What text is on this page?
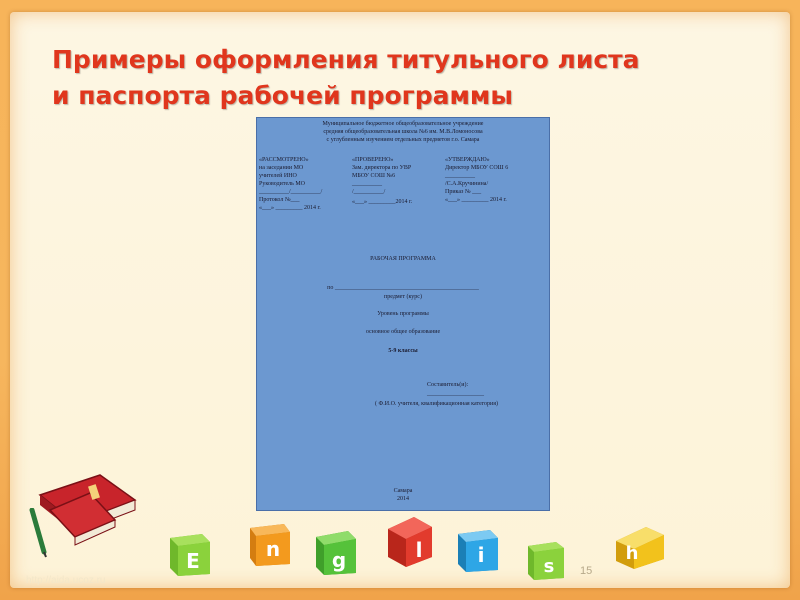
Примеры оформления титульного листа
и паспорта рабочей программы
Муниципальное бюджетное общеобразовательное учреждение
средняя общеобразовательная школа №6 им. М.В.Ломоносова
с углубленным изучением отдельных предметов г.о. Самара
«РАССМОТРЕНО»
на заседании МО
учителей ИНО
Руководитель МО
__________/__________/
Протокол №___
«___» _________ 2014 г.
«ПРОВЕРЕНО»
Зам. директора по УВР
МБОУ СОШ №6
__________
/__________/
«___» _________2014 г.
«УТВЕРЖДАЮ»
Директор МБОУ СОШ 6
__________
/С.А.Кручинина/
Приказ № ___
«___» _________ 2014 г.
РАБОЧАЯ ПРОГРАММА
по ________________________________________________
предмет (курс)
Уровень программы
основное общее образование
5-9 классы
Составитель(и):
___________________
( Ф.И.О. учителя, квалификационная категория)
Самара
2014
E	n	g	l	i	s
h
15
http://aida.ucoz.ru
